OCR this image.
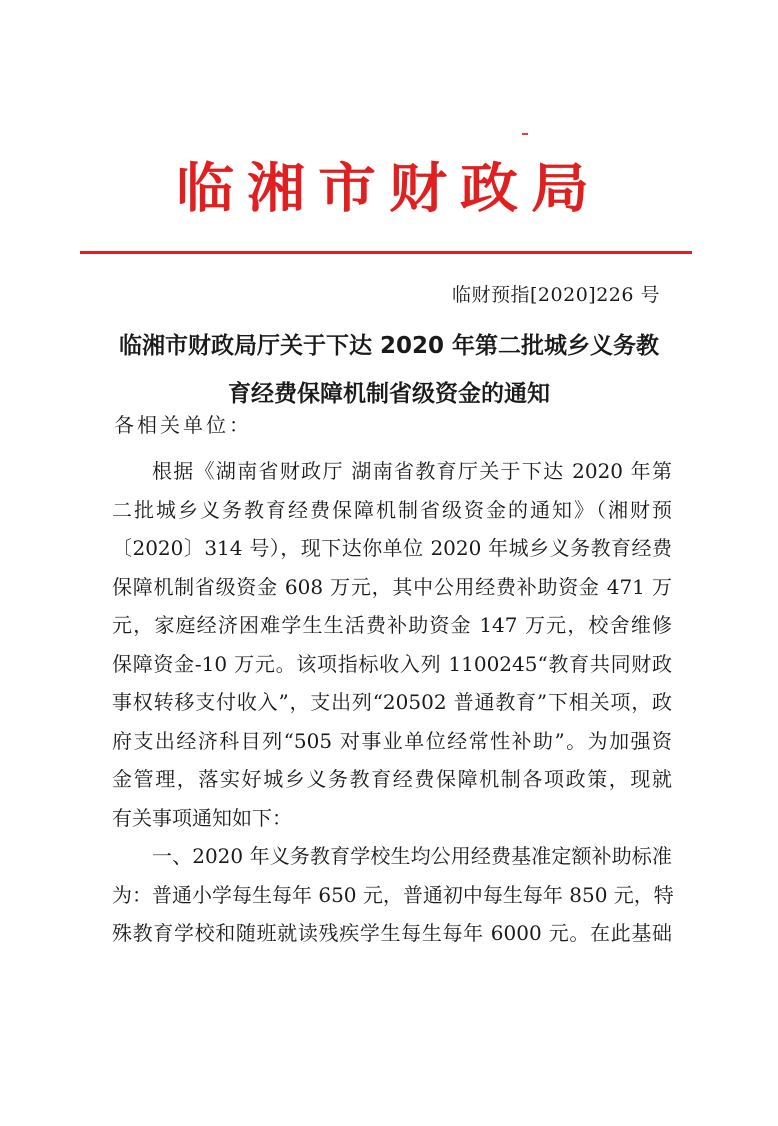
临湘市财政局
临财预指[2020]226 号
临湘市财政局厅关于下达 2020 年第二批城乡义务教
育经费保障机制省级资金的通知
各相关单位：
根据《湖南省财政厅 湖南省教育厅关于下达 2020 年第
二批城乡义务教育经费保障机制省级资金的通知》（湘财预
〔2020〕314 号），现下达你单位 2020 年城乡义务教育经费
保障机制省级资金 608 万元，其中公用经费补助资金 471 万
元，家庭经济困难学生生活费补助资金 147 万元，校舍维修
保障资金-10 万元。该项指标收入列 1100245“教育共同财政
事权转移支付收入”，支出列“20502 普通教育”下相关项，政
府支出经济科目列“505 对事业单位经常性补助”。为加强资
金管理，落实好城乡义务教育经费保障机制各项政策，现就
有关事项通知如下：
一、2020 年义务教育学校生均公用经费基准定额补助标准
为：普通小学每生每年 650 元，普通初中每生每年 850 元，特
殊教育学校和随班就读残疾学生每生每年 6000 元。在此基础
